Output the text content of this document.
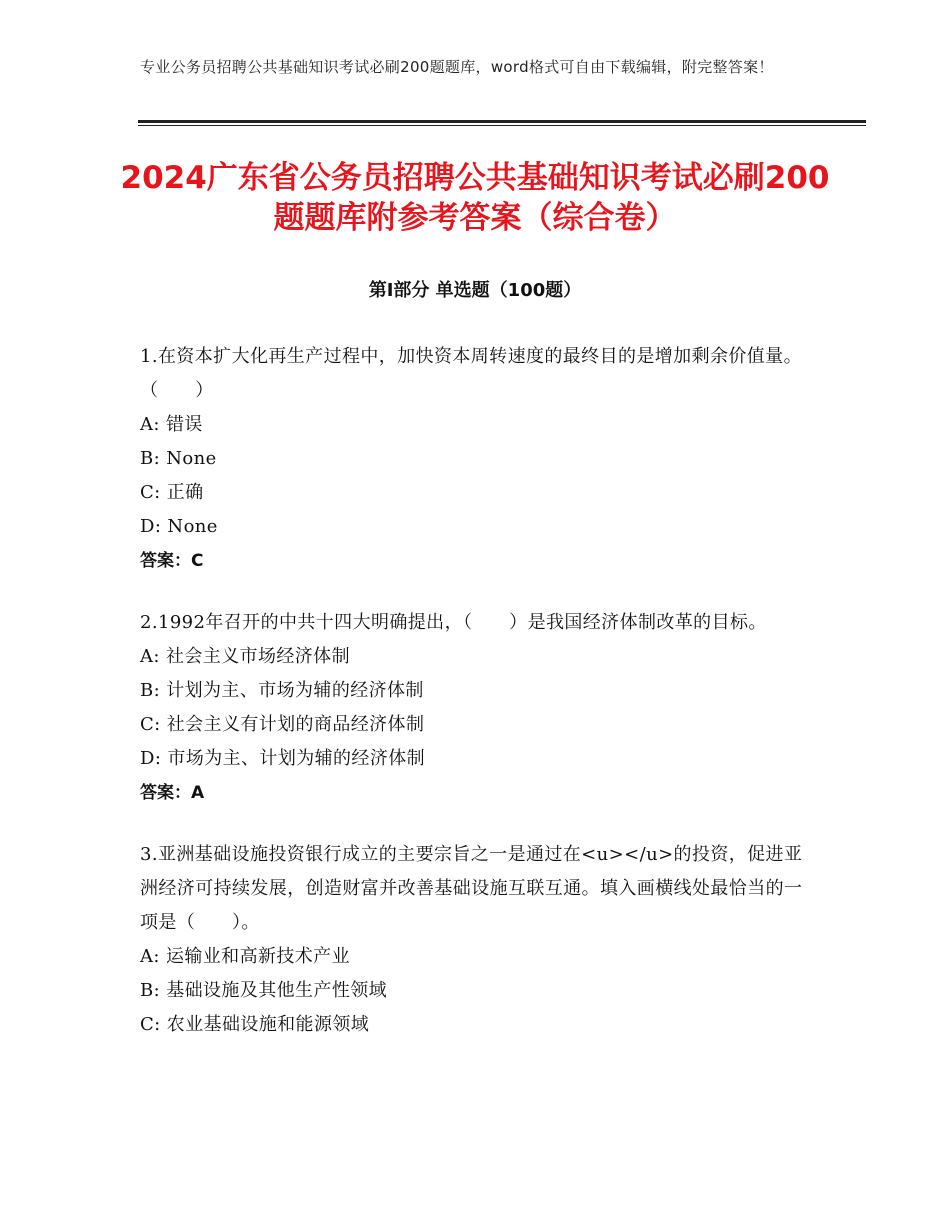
专业公务员招聘公共基础知识考试必刷200题题库，word格式可自由下载编辑，附完整答案！
2024广东省公务员招聘公共基础知识考试必刷200题题库附参考答案（综合卷）
第Ⅰ部分 单选题（100题）
1.在资本扩大化再生产过程中，加快资本周转速度的最终目的是增加剩余价值量。（　　）
A: 错误
B: None
C: 正确
D: None
答案：C
2.1992年召开的中共十四大明确提出，（　　）是我国经济体制改革的目标。
A: 社会主义市场经济体制
B: 计划为主、市场为辅的经济体制
C: 社会主义有计划的商品经济体制
D: 市场为主、计划为辅的经济体制
答案：A
3.亚洲基础设施投资银行成立的主要宗旨之一是通过在<u></u>的投资，促进亚洲经济可持续发展，创造财富并改善基础设施互联互通。填入画横线处最恰当的一项是（　　）。
A: 运输业和高新技术产业
B: 基础设施及其他生产性领域
C: 农业基础设施和能源领域
